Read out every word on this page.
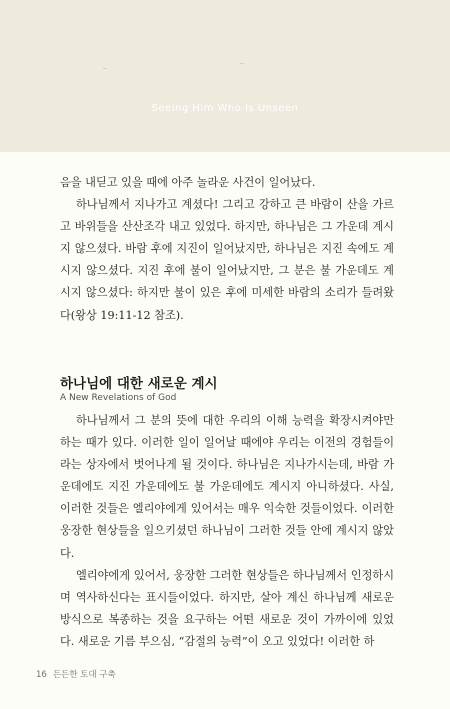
Seeing Him Who Is Unseen

음을 내딛고 있을 때에 아주 놀라운 사건이 일어났다.

하나님께서 지나가고 계셨다! 그리고 강하고 큰 바람이 산을 가르고 바위들을 산산조각 내고 있었다. 하지만, 하나님은 그 가운데 계시지 않으셨다. 바람 후에 지진이 일어났지만, 하나님은 지진 속에도 계시지 않으셨다. 지진 후에 불이 일어났지만, 그 분은 불 가운데도 계시지 않으셨다: 하지만 불이 있은 후에 미세한 바람의 소리가 들려왔다(왕상 19:11-12 참조).

하나님에 대한 새로운 계시
A New Revelations of God

하나님께서 그 분의 뜻에 대한 우리의 이해 능력을 확장시켜야만 하는 때가 있다. 이러한 일이 일어날 때에야 우리는 이전의 경험들이라는 상자에서 벗어나게 될 것이다. 하나님은 지나가시는데, 바람 가운데에도 지진 가운데에도 불 가운데에도 계시지 아니하셨다. 사실, 이러한 것들은 엘리야에게 있어서는 매우 익숙한 것들이었다. 이러한 웅장한 현상들을 일으키셨던 하나님이 그러한 것들 안에 계시지 않았다.

엘리야에게 있어서, 웅장한 그러한 현상들은 하나님께서 인정하시며 역사하신다는 표시들이었다. 하지만, 살아 계신 하나님께 새로운 방식으로 복종하는 것을 요구하는 어떤 새로운 것이 가까이에 있었다. 새로운 기름 부으심, “감절의 능력”이 오고 있었다! 이러한 하

16 든든한 토대 구축
